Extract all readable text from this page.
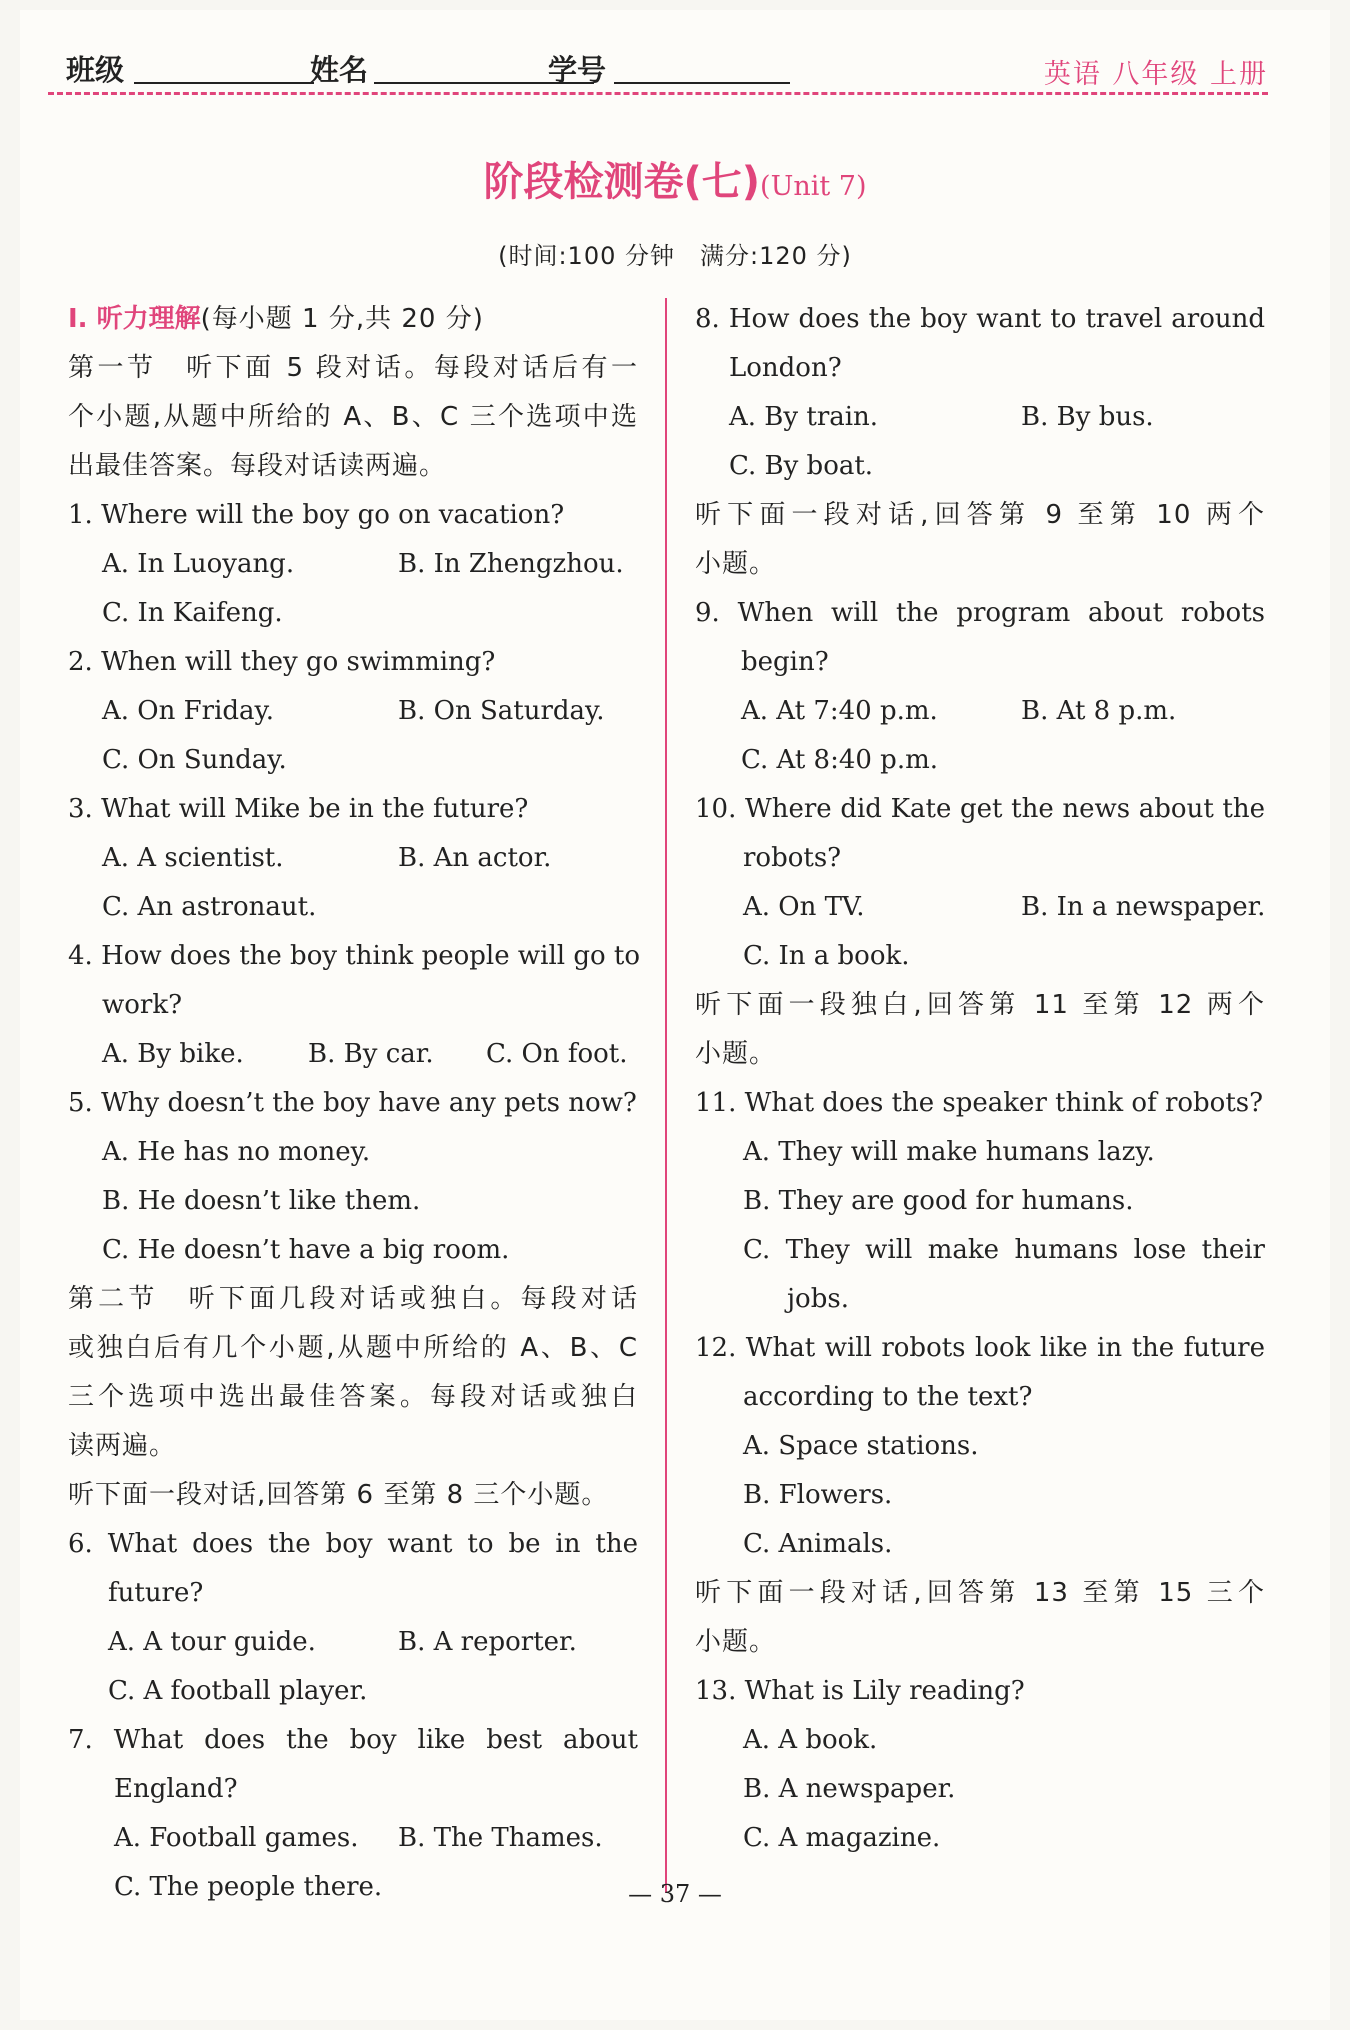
班级	姓名	学号	英语 八年级 上册
阶段检测卷(七)(Unit 7)
(时间:100 分钟　满分:120 分)
Ⅰ. 听力理解(每小题 1 分,共 20 分)
第一节　听下面 5 段对话。每段对话后有一
个小题,从题中所给的 A、B、C 三个选项中选
出最佳答案。每段对话读两遍。
1. Where will the boy go on vacation?
A. In Luoyang.	B. In Zhengzhou.
C. In Kaifeng.
2. When will they go swimming?
A. On Friday.	B. On Saturday.
C. On Sunday.
3. What will Mike be in the future?
A. A scientist.	B. An actor.
C. An astronaut.
4. How does the boy think people will go to
work?
A. By bike. B. By car. C. On foot.
5. Why doesn’t the boy have any pets now?
A. He has no money.
B. He doesn’t like them.
C. He doesn’t have a big room.
第二节　听下面几段对话或独白。每段对话
或独白后有几个小题,从题中所给的 A、B、C
三个选项中选出最佳答案。每段对话或独白
读两遍。
听下面一段对话,回答第 6 至第 8 三个小题。
6. What does the boy want to be in the
future?
A. A tour guide.	B. A reporter.
C. A football player.
7. What does the boy like best about
England?
A. Football games. B. The Thames.
C. The people there.
8. How does the boy want to travel around
London?
A. By train.	B. By bus.
C. By boat.
听下面一段对话,回答第 9 至第 10 两个
小题。
9. When will the program about robots
begin?
A. At 7:40 p.m.	B. At 8 p.m.
C. At 8:40 p.m.
10. Where did Kate get the news about the
robots?
A. On TV.	B. In a newspaper.
C. In a book.
听下面一段独白,回答第 11 至第 12 两个
小题。
11. What does the speaker think of robots?
A. They will make humans lazy.
B. They are good for humans.
C. They will make humans lose their
jobs.
12. What will robots look like in the future
according to the text?
A. Space stations.
B. Flowers.
C. Animals.
听下面一段对话,回答第 13 至第 15 三个
小题。
13. What is Lily reading?
A. A book.
B. A newspaper.
C. A magazine.
— 37 —
